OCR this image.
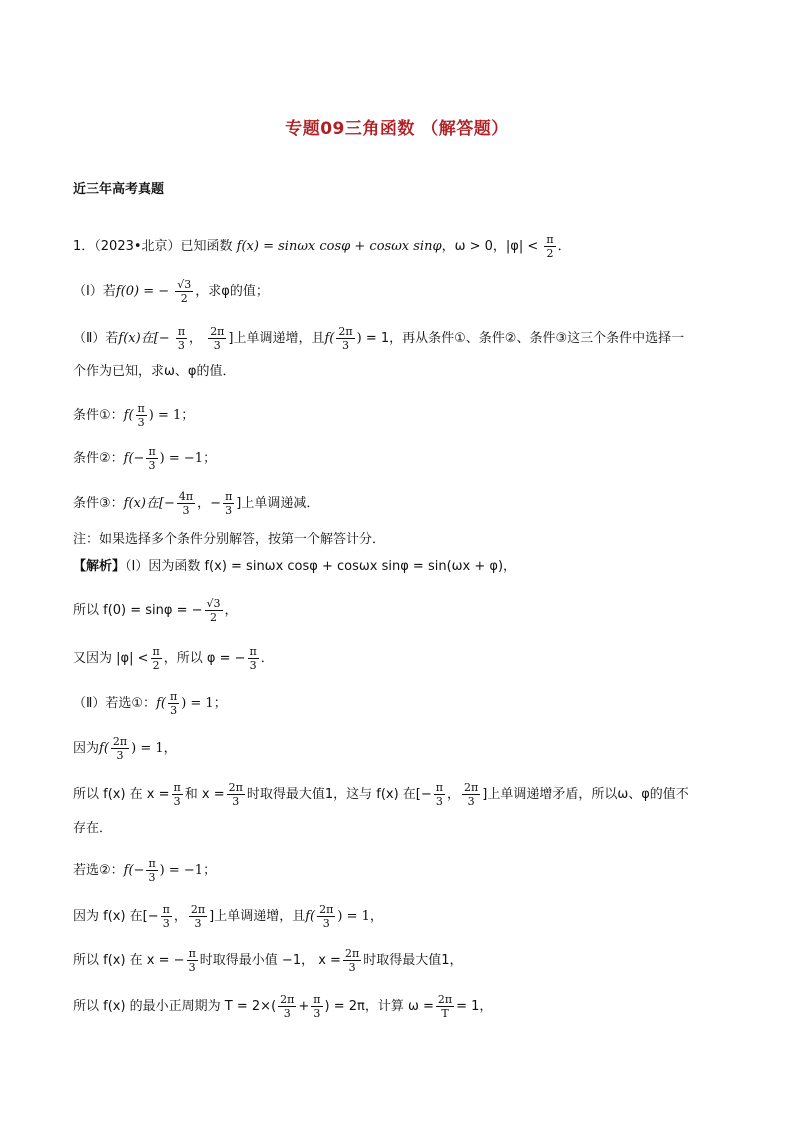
专题09三角函数 （解答题）
近三年高考真题
1．（2023•北京）已知函数 f(x) = sinωx cosφ + cosωx sinφ，ω > 0，$|\varphi| < \frac{\pi}{2}$ ．
（Ⅰ）若f(0) = − $\frac{√3}{2}$ ，求φ的值；
（Ⅱ）若f(x)在[− $\frac{\pi}{3}$ ， $\frac{2\pi}{3}$ ]上单调递增，且$f( \frac{2\pi}{3}$ ) = 1，再从条件①、条件②、条件③这三个条件中选择一
个作为已知，求ω、φ的值．
条件①：$f( \frac{\pi}{3}$ ) = 1；
条件②：$f(- \frac{\pi}{3}$ ) = −1；
条件③：f(x)在[− $\frac{4\pi}{3}$ ，− $\frac{\pi}{3}$ ]上单调递减．
注：如果选择多个条件分别解答，按第一个解答计分．
【解析】（Ⅰ）因为函数 f(x) = sinωx cosφ + cosωx sinφ = sin(ωx + φ)，
所以 f(0) = sinφ = − $\frac{√3}{2}$ ，
又因为 $|\varphi| < \frac{\pi}{2}$ ，所以 φ = − $\frac{\pi}{3}$ ．
（Ⅱ）若选①：$f( \frac{\pi}{3}$ ) = 1；
因为$f( \frac{2\pi}{3}$ ) = 1，
所以 f(x) 在 $x = \frac{\pi}{3}$ 和 $x = \frac{2\pi}{3}$ 时取得最大值1，这与 f(x) 在[− $\frac{\pi}{3}$ ， $\frac{2\pi}{3}$ ]上单调递增矛盾，所以ω、φ的值不
存在．
若选②：$f(- \frac{\pi}{3}$ ) = −1；
因为 f(x) 在[− $\frac{\pi}{3}$ ， $\frac{2\pi}{3}$ ]上单调递增，且$f( \frac{2\pi}{3}$ ) = 1，
所以 f(x) 在 x = − $\frac{\pi}{3}$ 时取得最小值 −1， $x = \frac{2\pi}{3}$ 时取得最大值1，
所以 f(x) 的最小正周期为 $T = 2\times( \frac{2\pi}{3} + \frac{\pi}{3}$ ) = 2π，计算 $\omega = \frac{2\pi}{T} = 1$，
